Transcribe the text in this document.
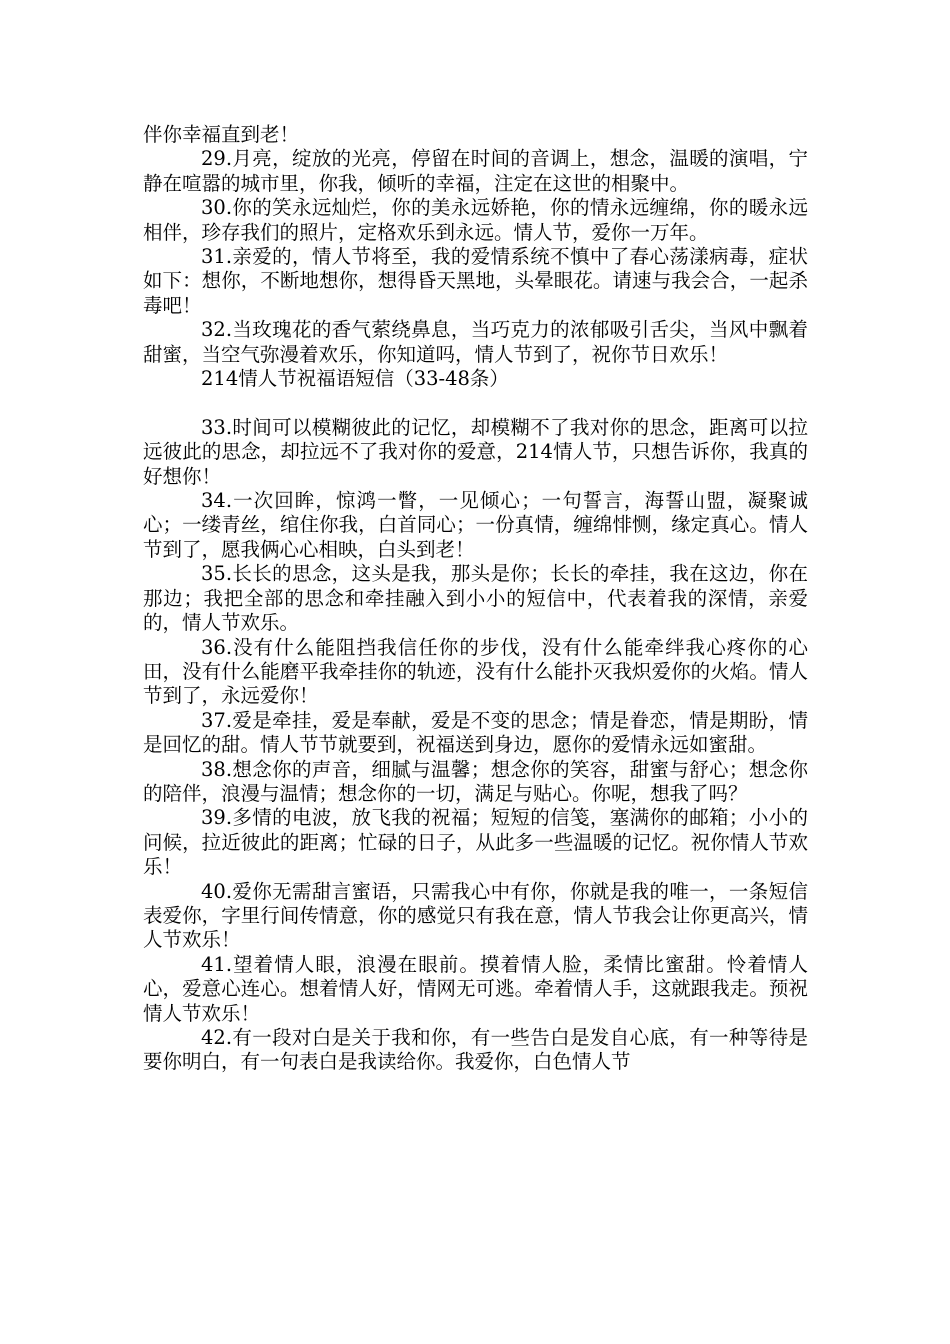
伴你幸福直到老！

29.月亮，绽放的光亮，停留在时间的音调上，想念，温暖的演唱，宁静在喧嚣的城市里，你我，倾听的幸福，注定在这世的相聚中。

30.你的笑永远灿烂，你的美永远娇艳，你的情永远缠绵，你的暖永远相伴，珍存我们的照片，定格欢乐到永远。情人节，爱你一万年。

31.亲爱的，情人节将至，我的爱情系统不慎中了春心荡漾病毒，症状如下：想你，不断地想你，想得昏天黑地，头晕眼花。请速与我会合，一起杀毒吧！

32.当玫瑰花的香气萦绕鼻息，当巧克力的浓郁吸引舌尖，当风中飘着甜蜜，当空气弥漫着欢乐，你知道吗，情人节到了，祝你节日欢乐！

214情人节祝福语短信（33-48条）

33.时间可以模糊彼此的记忆，却模糊不了我对你的思念，距离可以拉远彼此的思念，却拉远不了我对你的爱意，214情人节，只想告诉你，我真的好想你！

34.一次回眸，惊鸿一瞥，一见倾心；一句誓言，海誓山盟，凝聚诚心；一缕青丝，绾住你我，白首同心；一份真情，缠绵悱恻，缘定真心。情人节到了，愿我俩心心相映，白头到老！

35.长长的思念，这头是我，那头是你；长长的牵挂，我在这边，你在那边；我把全部的思念和牵挂融入到小小的短信中，代表着我的深情，亲爱的，情人节欢乐。

36.没有什么能阻挡我信任你的步伐，没有什么能牵绊我心疼你的心田，没有什么能磨平我牵挂你的轨迹，没有什么能扑灭我炽爱你的火焰。情人节到了，永远爱你！

37.爱是牵挂，爱是奉献，爱是不变的思念；情是眷恋，情是期盼，情是回忆的甜。情人节节就要到，祝福送到身边，愿你的爱情永远如蜜甜。

38.想念你的声音，细腻与温馨；想念你的笑容，甜蜜与舒心；想念你的陪伴，浪漫与温情；想念你的一切，满足与贴心。你呢，想我了吗？

39.多情的电波，放飞我的祝福；短短的信笺，塞满你的邮箱；小小的问候，拉近彼此的距离；忙碌的日子，从此多一些温暖的记忆。祝你情人节欢乐！

40.爱你无需甜言蜜语，只需我心中有你，你就是我的唯一，一条短信表爱你，字里行间传情意，你的感觉只有我在意，情人节我会让你更高兴，情人节欢乐！

41.望着情人眼，浪漫在眼前。摸着情人脸，柔情比蜜甜。怜着情人心，爱意心连心。想着情人好，情网无可逃。牵着情人手，这就跟我走。预祝情人节欢乐！

42.有一段对白是关于我和你，有一些告白是发自心底，有一种等待是要你明白，有一句表白是我读给你。我爱你，白色情人节
